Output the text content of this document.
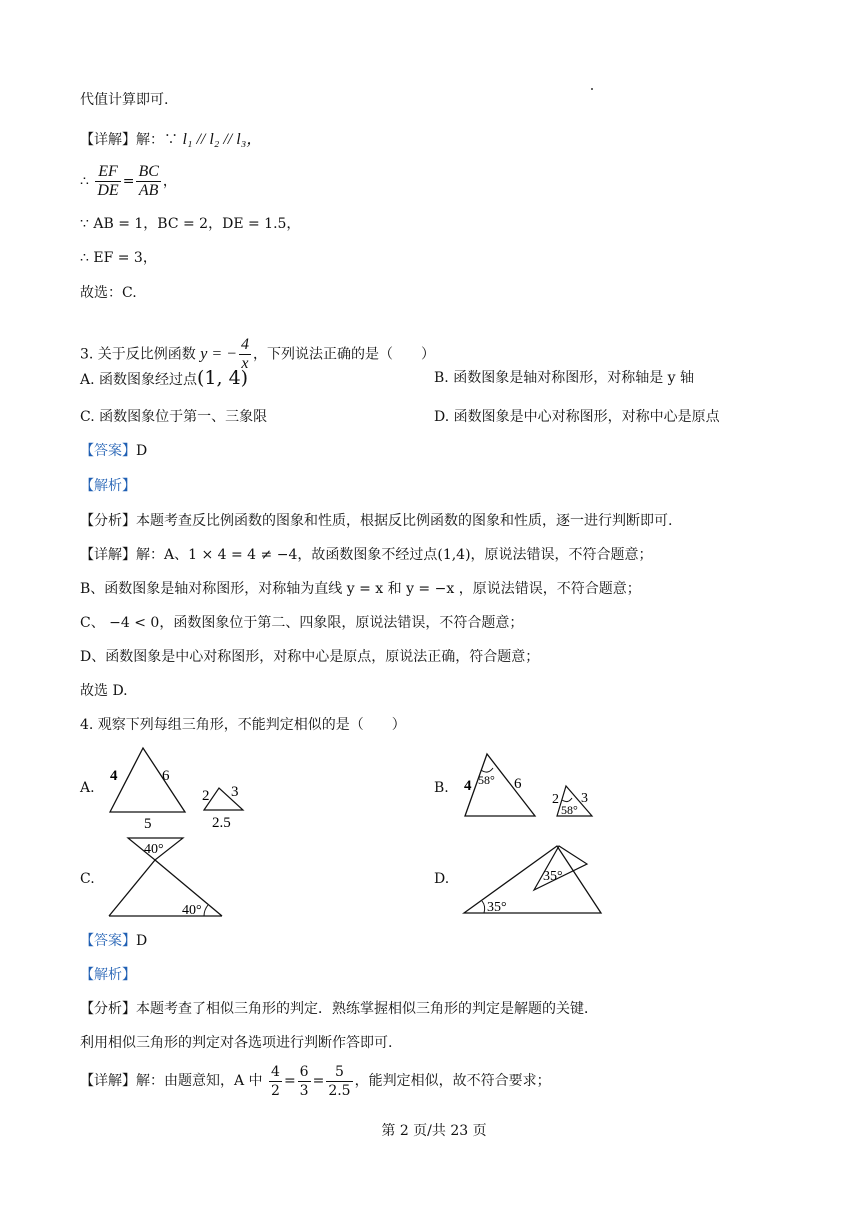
代值计算即可.
【详解】解：∵ l₁ // l₂ // l₃，
∴ $\frac{EF}{DE} = \frac{BC}{AB}$ ，
∵ AB = 1，BC = 2，DE = 1.5，
∴ EF = 3，
故选：C.
3. 关于反比例函数 y = − $\frac{4}{x}$ ，下列说法正确的是（　　）
A. 函数图象经过点(1, 4)	B. 函数图象是轴对称图形，对称轴是 y 轴
C. 函数图象位于第一、三象限	D. 函数图象是中心对称图形，对称中心是原点
【答案】D
【解析】
【分析】本题考查反比例函数的图象和性质，根据反比例函数的图象和性质，逐一进行判断即可.
【详解】解：A、1 × 4 = 4 ≠ −4，故函数图象不经过点(1,4)，原说法错误，不符合题意；
B、函数图象是轴对称图形，对称轴为直线 y = x 和 y = −x ，原说法错误，不符合题意；
C、 −4 < 0，函数图象位于第二、四象限，原说法错误，不符合题意；
D、函数图象是中心对称图形，对称中心是原点，原说法正确，符合题意；
故选 D.
4. 观察下列每组三角形，不能判定相似的是（　　）
A.	B.
C.	D.
4	6
5
2 3
2.5
4 58° 6
2
58°
3
40°
40°	35°
35°
【答案】D
【解析】
【分析】本题考查了相似三角形的判定．熟练掌握相似三角形的判定是解题的关键．
利用相似三角形的判定对各选项进行判断作答即可.
【详解】解：由题意知，A 中 $\frac{4}{2} = \frac{6}{3} = \frac{5}{2.5}$ ，能判定相似，故不符合要求；
第 2 页/共 23 页
